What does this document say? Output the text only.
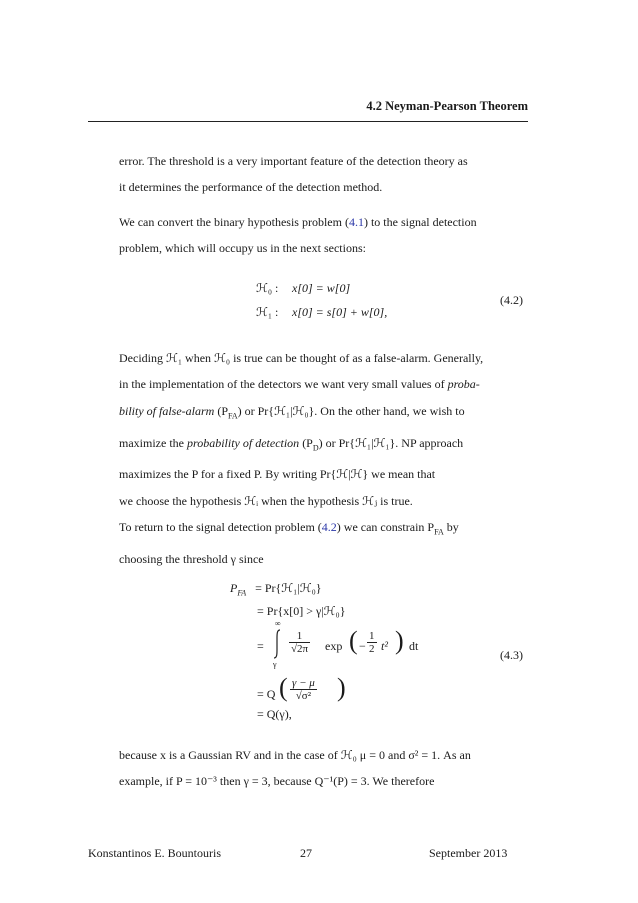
4.2 Neyman-Pearson Theorem

error. The threshold is a very important feature of the detection theory as

it determines the performance of the detection method.

We can convert the binary hypothesis problem (4.1) to the signal detection

problem, which will occupy us in the next sections:

ℋ₀ : x[0] = w[0]
ℋ₁ : x[0] = s[0] + w[0],
(4.2)

Deciding ℋ₁ when ℋ₀ is true can be thought of as a false-alarm. Generally,

in the implementation of the detectors we want very small values of proba-

bility of false-alarm $(P_{FA})$ or Pr{ℋ₁|ℋ₀}. On the other hand, we wish to

maximize the probability of detection $(P_D)$ or Pr{ℋ₁|ℋ₁}. NP approach

maximizes the P for a fixed P. By writing Pr{ℋ|ℋ} we mean that

we choose the hypothesis ℋᵢ when the hypothesis ℋⱼ is true.

To return to the signal detection problem (4.2) we can constrain $P_{FA}$ by

choosing the threshold γ since

$P_{FA}$ = Pr{ℋ₁|ℋ₀}
= Pr{x[0] > γ|ℋ₀}
=
∞
γ
$\frac{1}{√2\pi}$ exp ( − $\frac{1}{2} t^2$ ) dt
(4.3)
= Q ( $\frac{\gamma - \mu}{\text{√σ²}}$ )
= Q(γ),

because x is a Gaussian RV and in the case of ℋ₀ μ = 0 and σ² = 1. As an

example, if P = 10⁻³ then γ = 3, because Q⁻¹(P) = 3. We therefore

Konstantinos E. Bountouris	27	September 2013
